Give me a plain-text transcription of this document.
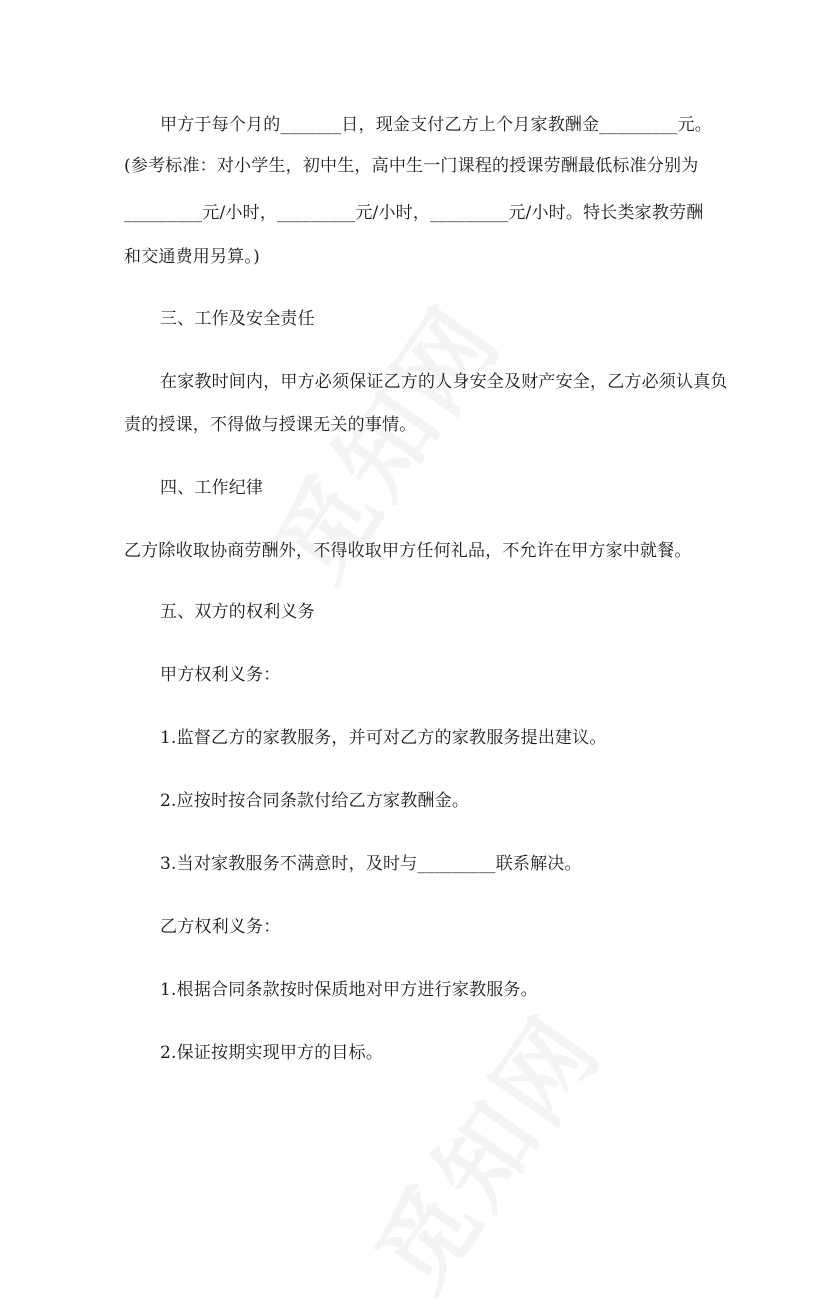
甲方于每个月的_______日，现金支付乙方上个月家教酬金_________元。
(参考标准：对小学生，初中生，高中生一门课程的授课劳酬最低标准分别为
_________元/小时，_________元/小时，_________元/小时。特长类家教劳酬
和交通费用另算。)
三、工作及安全责任
在家教时间内，甲方必须保证乙方的人身安全及财产安全，乙方必须认真负
责的授课，不得做与授课无关的事情。
四、工作纪律
乙方除收取协商劳酬外，不得收取甲方任何礼品，不允许在甲方家中就餐。
五、双方的权利义务
甲方权利义务：
1.监督乙方的家教服务，并可对乙方的家教服务提出建议。
2.应按时按合同条款付给乙方家教酬金。
3.当对家教服务不满意时，及时与_________联系解决。
乙方权利义务：
1.根据合同条款按时保质地对甲方进行家教服务。
2.保证按期实现甲方的目标。
